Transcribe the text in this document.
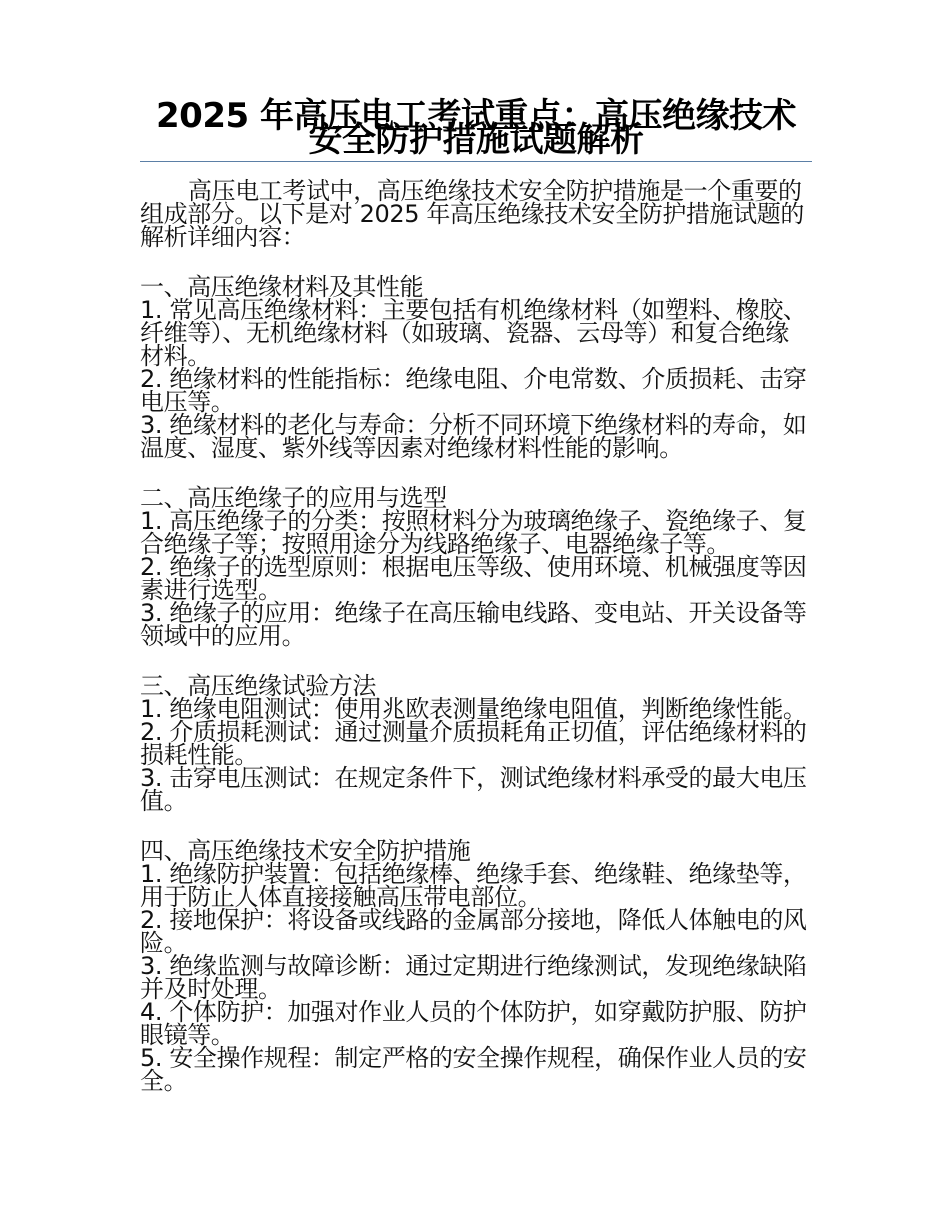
2025 年高压电工考试重点：高压绝缘技术安全防护措施试题解析

高压电工考试中，高压绝缘技术安全防护措施是一个重要的组成部分。以下是对 2025 年高压绝缘技术安全防护措施试题的解析详细内容：

一、高压绝缘材料及其性能

1. 常见高压绝缘材料：主要包括有机绝缘材料（如塑料、橡胶、纤维等）、无机绝缘材料（如玻璃、瓷器、云母等）和复合绝缘材料。

2. 绝缘材料的性能指标：绝缘电阻、介电常数、介质损耗、击穿电压等。

3. 绝缘材料的老化与寿命：分析不同环境下绝缘材料的寿命，如温度、湿度、紫外线等因素对绝缘材料性能的影响。

二、高压绝缘子的应用与选型

1. 高压绝缘子的分类：按照材料分为玻璃绝缘子、瓷绝缘子、复合绝缘子等；按照用途分为线路绝缘子、电器绝缘子等。

2. 绝缘子的选型原则：根据电压等级、使用环境、机械强度等因素进行选型。

3. 绝缘子的应用：绝缘子在高压输电线路、变电站、开关设备等领域中的应用。

三、高压绝缘试验方法

1. 绝缘电阻测试：使用兆欧表测量绝缘电阻值，判断绝缘性能。

2. 介质损耗测试：通过测量介质损耗角正切值，评估绝缘材料的损耗性能。

3. 击穿电压测试：在规定条件下，测试绝缘材料承受的最大电压值。

四、高压绝缘技术安全防护措施

1. 绝缘防护装置：包括绝缘棒、绝缘手套、绝缘鞋、绝缘垫等，用于防止人体直接接触高压带电部位。

2. 接地保护：将设备或线路的金属部分接地，降低人体触电的风险。

3. 绝缘监测与故障诊断：通过定期进行绝缘测试，发现绝缘缺陷并及时处理。

4. 个体防护：加强对作业人员的个体防护，如穿戴防护服、防护眼镜等。

5. 安全操作规程：制定严格的安全操作规程，确保作业人员的安全。
